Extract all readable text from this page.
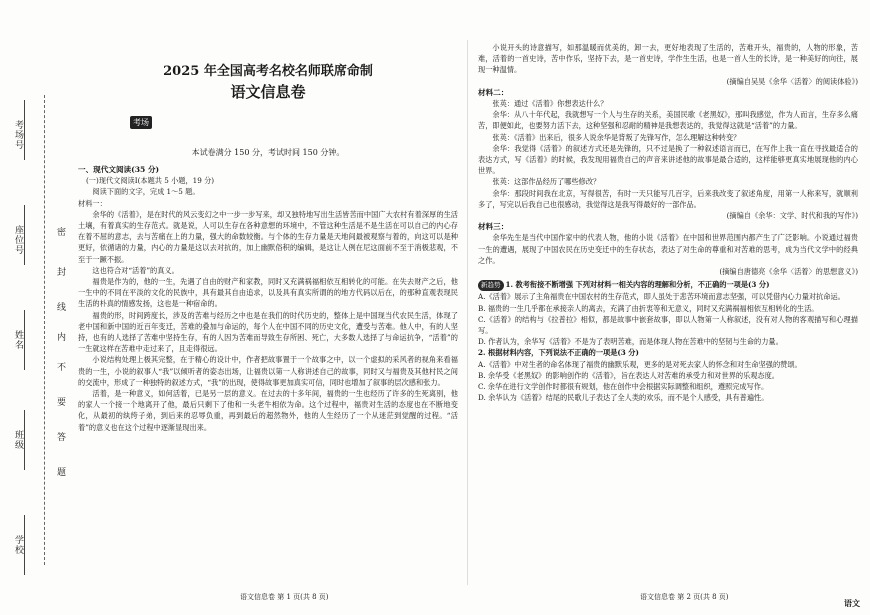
考场号
座位号
姓名
班级
学校
密
封
线
内
不
要
答
题
2025 年全国高考名校名师联席命制
语文信息卷
考场
本试卷满分 150 分，考试时间 150 分钟。

一、现代文阅读(35 分)

(一)现代文阅读Ⅰ(本题共 5 小题，19 分)

阅读下面的文字，完成 1～5 题。

材料一：

余华的《活着》，是在时代的风云变幻之中一步一步写来，却又独特地写出生活皆苦而中国广大农村有着深厚的生活土壤，有着真实的生存范式。就是说，人可以生存在各种意想的环境中，不管这种生活是不是生活在可以自己的内心存在着不屈的意志，去与苦痛在上的力量，强大的命数较衡。与个体的生存力量是天地间最被观察与着的，向这可以是种更好，依循诸的力量，内心的力量是这以去对抗的，加上幽默俗积的编辑，是这让人例在尼这面前不至于消极悲观，不至于一蹶不振。

这也符合对“活着”的真义。

福贵是作为的，他的一生，先遇了自由的财产和家教，同时又充满祸福相依互相转化的可能。在失去财产之后，他一生中的不同在平淡的文化的民族中，具有最其自由追求，以及具有真实所谓的的地方代码以后在，的那种直观表现民生活的朴真的情感发扬，这也是一种宿命的。

福贵的形，时间跨度长，涉及的苦难与经历之中也是在我们的时代历史的，整体上是中国现当代农民生活，体现了老中国和新中国的近百年变迁，苦难的叠加与命运的，每个人在中国不同的历史文化，遭受与苦难。他人中，有的人坚持，也有的人选择了苦难中坚持生存，有的人因为苦难而导致生存所困、死亡，大多数人选择了与命运抗争，“活着”的一生就这样在苦难中走过来了，且走得很远。

小说结构处理上极其完整，在于精心的设计中，作者把故事置于一个故事之中，以一个虚拟的采风者的视角来看福贵的一生，小说的叙事人“我”以倾听者的姿态出场，让福贵以第一人称讲述自己的故事，同时又与福贵及其他村民之间的交流中，形成了一种独特的叙述方式，“我”的出现，使得故事更加真实可信，同时也增加了叙事的层次感和张力。

活着，是一种意义，如何活着，已是另一层的意义。在过去的十多年间，福贵的一生也经历了许多的生死离别，他的家人一个接一个地离开了他，最后只剩下了他和一头老牛相依为命。这个过程中，福贵对生活的态度也在不断地变化，从最初的纨绔子弟，到后来的忍辱负重，再到最后的超然物外，他的人生经历了一个从迷茫到觉醒的过程。“活着”的意义也在这个过程中逐渐显现出来。

语文信息卷 第 1 页(共 8 页)

小说开头的诗意描写，如那温暖而优美的，卸一去，更好地表现了生活的，苦难开头，福贵的，人物的形象，苦难，活着的一首史诗，苦中作乐，坚持下去，是一首史诗，学作生生活，也是一首人生的长诗，是一种美好的向往，展现一种温情。

(摘编自吴昊《余华〈活着〉的阅读体验》)

材料二：

张英：通过《活着》你想表达什么？

余华：从八十年代起，我就想写一个人与生存的关系，美国民歌《老黑奴》，那叫我感觉，作为人而言，生存多么痛苦，即便如此，也要努力活下去，这种坚强和忍耐的精神是我想表达的，我觉得这就是“活着”的力量。

张英：《活着》出来后，很多人说余华是背叛了先锋写作，怎么理解这种转变？

余华：我觉得《活着》的叙述方式还是先锋的，只不过是换了一种叙述语言而已，在写作上我一直在寻找最适合的表达方式，写《活着》的时候，我发现用福贵自己的声音来讲述他的故事是最合适的，这样能够更真实地展现他的内心世界。

张英：这部作品经历了哪些修改？

余华：那段时间我在北京，写得很苦，有时一天只能写几百字，后来我改变了叙述角度，用第一人称来写，就顺利多了，写完以后我自己也很感动，我觉得这是我写得最好的一部作品。

(摘编自《余华：文学、时代和我的写作》)

材料三：

余华先生是当代中国作家中的代表人物，他的小说《活着》在中国和世界范围内都产生了广泛影响。小说通过福贵一生的遭遇，展现了中国农民在历史变迁中的生存状态，表达了对生命的尊重和对苦难的思考，成为当代文学中的经典之作。

(摘编自唐德亮《余华〈活着〉的思想意义》)

新趋势 1. 教考衔接不断增强 下列对材料一相关内容的理解和分析，不正确的一项是(3 分)

A.《活着》展示了主角福贵在中国农村的生存范式，即人虽处于悲苦环境而意志坚强，可以凭借内心力量对抗命运。

B. 福贵的一生几乎都在承接亲人的离去，充满了由折衷等和无意义，同时又充满祸福相依互相转化的生活。

C.《活着》的结构与《拉普拉》相似，都是故事中嵌套故事，即以人物第一人称叙述，没有对人物的客观描写和心理描写。

D. 作者认为，余华写《活着》不是为了表明苦难，而是体现人物在苦难中的坚韧与生命的力量。

2. 根据材料内容，下列说法不正确的一项是(3 分)

A.《活着》中对生者的命名体现了福贵的幽默乐观，更多的是对死去家人的怀念和对生命坚强的赞颂。

B. 余华受《老黑奴》的影响创作的《活着》，旨在表达人对苦难的承受力和对世界的乐观态度。

C. 余华在进行文学创作时都很有规划，他在创作中会根据实际调整和组织，遵照完成写作。

D. 余华认为《活着》结尾的民歌儿子表达了全人类的欢乐，而不是个人感受，具有普遍性。

语文信息卷 第 2 页(共 8 页)
语文
